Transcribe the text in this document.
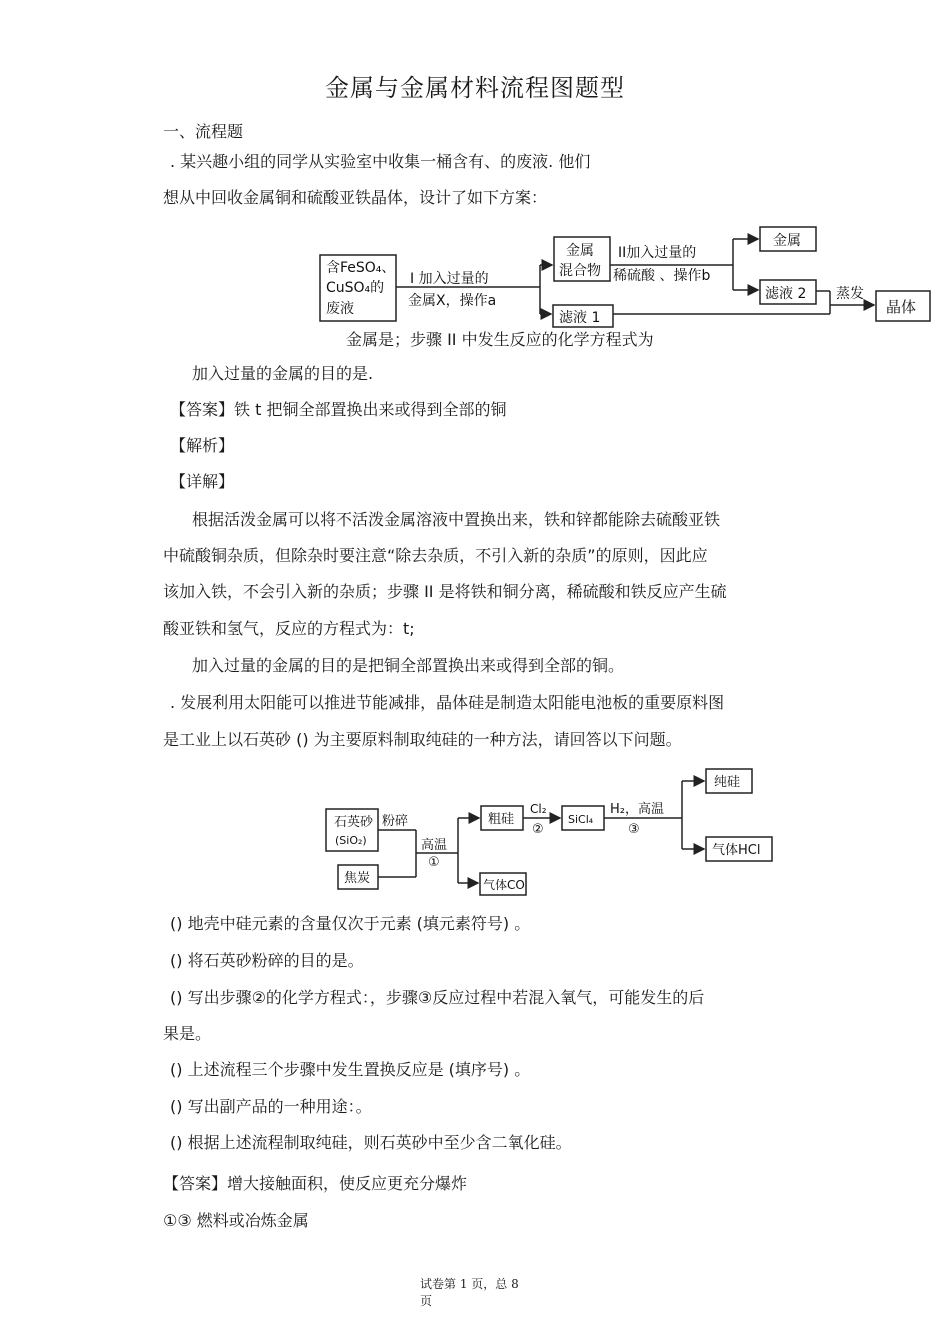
金属与金属材料流程图题型
一、流程题
. 某兴趣小组的同学从实验室中收集一桶含有、的废液. 他们
想从中回收金属铜和硫酸亚铁晶体，设计了如下方案：
含FeSO₄、
CuSO₄的
废液
I 加入过量的
金属X，操作a
金属
混合物
II加入过量的
稀硫酸 、操作b
金属
滤液 2
滤液 1
蒸发
晶体
金属是；步骤 II 中发生反应的化学方程式为
加入过量的金属的目的是.
【答案】铁 t 把铜全部置换出来或得到全部的铜
【解析】
【详解】
根据活泼金属可以将不活泼金属溶液中置换出来，铁和锌都能除去硫酸亚铁
中硫酸铜杂质，但除杂时要注意“除去杂质，不引入新的杂质”的原则，因此应
该加入铁，不会引入新的杂质；步骤 II 是将铁和铜分离，稀硫酸和铁反应产生硫
酸亚铁和氢气，反应的方程式为：t;
加入过量的金属的目的是把铜全部置换出来或得到全部的铜。
. 发展利用太阳能可以推进节能减排，晶体硅是制造太阳能电池板的重要原料图
是工业上以石英砂 () 为主要原料制取纯硅的一种方法，请回答以下问题。
石英砂
(SiO₂)
粉碎
焦炭
高温
①
粗硅
Cl₂
②
SiCl₄
H₂，高温
③
纯硅
气体CO
气体HCl
() 地壳中硅元素的含量仅次于元素 (填元素符号) 。
() 将石英砂粉碎的目的是。
() 写出步骤②的化学方程式：，步骤③反应过程中若混入氧气，可能发生的后
果是。
() 上述流程三个步骤中发生置换反应是 (填序号) 。
() 写出副产品的一种用途：。
() 根据上述流程制取纯硅，则石英砂中至少含二氧化硅。
【答案】增大接触面积，使反应更充分爆炸
①③ 燃料或冶炼金属
试卷第 1 页，总 8
页
